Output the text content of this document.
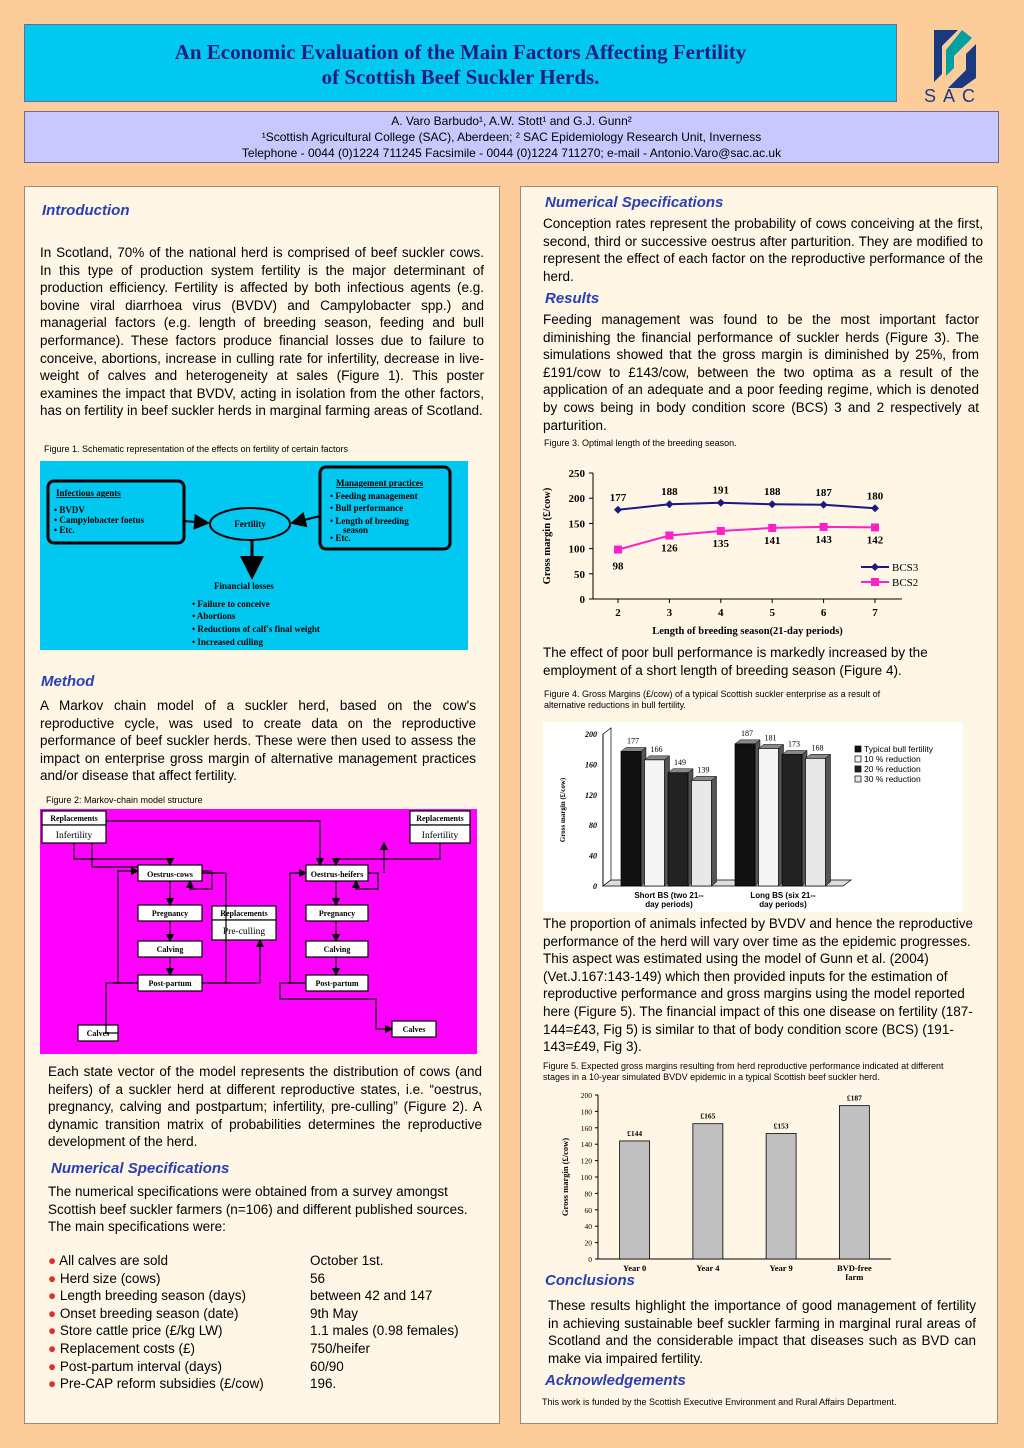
An Economic Evaluation of the Main Factors Affecting Fertility
of Scottish Beef Suckler Herds.
SAC
A. Varo Barbudo¹, A.W. Stott¹ and G.J. Gunn²
¹Scottish Agricultural College (SAC), Aberdeen; ² SAC Epidemiology Research Unit, Inverness
Telephone - 0044 (0)1224 711245 Facsimile - 0044 (0)1224 711270; e-mail - Antonio.Varo@sac.ac.uk
Introduction
In Scotland, 70% of the national herd is comprised of beef suckler cows. In this type of production system fertility is the major determinant of production efficiency. Fertility is affected by both infectious agents (e.g. bovine viral diarrhoea virus (BVDV) and Campylobacter spp.) and managerial factors (e.g. length of breeding season, feeding and bull performance). These factors produce financial losses due to failure to conceive, abortions, increase in culling rate for infertility, decrease in live-weight of calves and heterogeneity at sales (Figure 1). This poster examines the impact that BVDV, acting in isolation from the other factors, has on fertility in beef suckler herds in marginal farming areas of Scotland.
Figure 1. Schematic representation of the effects on fertility of certain factors
Infectious agents
• BVDV
• Campylobacter foetus
• Etc.
Management practices
• Feeding management
• Bull performance
• Length of breeding
season
• Etc.
Fertility
Financial losses
• Failure to conceive
• Abortions
• Reductions of calf's final weight
• Increased culling
Method
A Markov chain model of a suckler herd, based on the cow's reproductive cycle, was used to create data on the reproductive performance of beef suckler herds. These were then used to assess the impact on enterprise gross margin of alternative management practices and/or disease that affect fertility.
Figure 2: Markov-chain model structure
Replacements
Infertility
Replacements
Infertility
Oestrus-cows	Oestrus-heifers
Pregnancy	Pregnancy
Replacements
Pre-culling
Calving	Calving
Post-partum	Post-partum
Calves	Calves
Each state vector of the model represents the distribution of cows (and heifers) of a suckler herd at different reproductive states, i.e. “oestrus, pregnancy, calving and postpartum; infertility, pre-culling” (Figure 2). A dynamic transition matrix of probabilities determines the reproductive development of the herd.
Numerical Specifications
The numerical specifications were obtained from a survey amongst Scottish beef suckler farmers (n=106) and different published sources. The main specifications were:
● All calves are sold	October 1st.
● Herd size (cows)	56
● Length breeding season (days)	between 42 and 147
● Onset breeding season (date)	9th May
● Store cattle price (£/kg LW)	1.1 males (0.98 females)
● Replacement costs (£)	750/heifer
● Post-partum interval (days)	60/90
● Pre-CAP reform subsidies (£/cow)	196.
Numerical Specifications
Conception rates represent the probability of cows conceiving at the first, second, third or successive oestrus after parturition. They are modified to represent the effect of each factor on the reproductive performance of the herd.
Results
Feeding management was found to be the most important factor diminishing the financial performance of suckler herds (Figure 3). The simulations showed that the gross margin is diminished by 25%, from £191/cow to £143/cow, between the two optima as a result of the application of an adequate and a poor feeding regime, which is denoted by cows being in body condition score (BCS) 3 and 2 respectively at parturition.
Figure 3. Optimal length of the breeding season.
0
50
100
150
200
250
2	3	4	5	6	7
Length of breeding season(21-day periods)
Gross margin (£/cow)	177	188	191	188	187	180
98
126	135	141	143	142
BCS3
BCS2
The effect of poor bull performance is markedly increased by the employment of a short length of breeding season (Figure 4).
Figure 4. Gross Margins (£/cow) of a typical Scottish suckler enterprise as a result of alternative reductions in bull fertility.
0
40
80
120
160
200
Gross margin (£/cow)
177
166
149
139
Short BS (two 21--
day periods)
187
181
173 168
Long BS (six 21--
day periods)
Typical bull fertility
10 % reduction
20 % reduction
30 % reduction
The proportion of animals infected by BVDV and hence the reproductive performance of the herd will vary over time as the epidemic progresses. This aspect was estimated using the model of Gunn et al. (2004) (Vet.J.167:143-149) which then provided inputs for the estimation of reproductive performance and gross margins using the model reported here (Figure 5). The financial impact of this one disease on fertility (187-144=£43, Fig 5) is similar to that of body condition score (BCS) (191-143=£49, Fig 3).
Figure 5. Expected gross margins resulting from herd reproductive performance indicated at different stages in a 10-year simulated BVDV epidemic in a typical Scottish beef suckler herd.
0
20
40
60
80
100
120
140
160
180
200
Gross margin (£/cow)
£144
Year 0
£165
Year 4
£153
Year 9
£187
BVD-free
farm
Conclusions
These results highlight the importance of good management of fertility in achieving sustainable beef suckler farming in marginal rural areas of Scotland and the considerable impact that diseases such as BVD can make via impaired fertility.
Acknowledgements
This work is funded by the Scottish Executive Environment and Rural Affairs Department.
